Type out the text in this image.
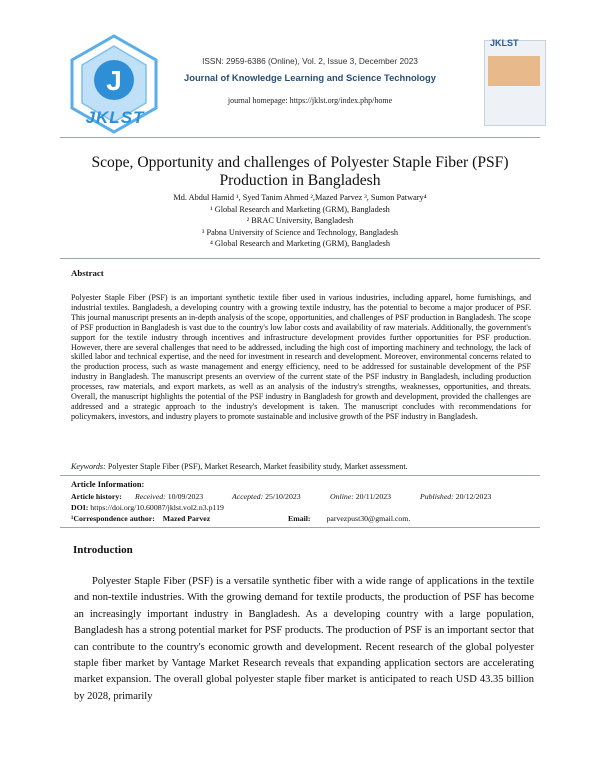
J
JKLST
ISSN: 2959-6386 (Online), Vol. 2, Issue 3, December 2023
Journal of Knowledge Learning and Science Technology
journal homepage: https://jklst.org/index.php/home
JKLST
Scope, Opportunity and challenges of Polyester Staple Fiber (PSF)
Production in Bangladesh
Md. Abdul Hamid ¹, Syed Tanim Ahmed ²,Mazed Parvez ³, Sumon Patwary⁴
¹ Global Research and Marketing (GRM), Bangladesh
² BRAC University, Bangladesh
³ Pabna University of Science and Technology, Bangladesh
⁴ Global Research and Marketing (GRM), Bangladesh
Abstract
Polyester Staple Fiber (PSF) is an important synthetic textile fiber used in various industries, including apparel, home furnishings, and industrial textiles. Bangladesh, a developing country with a growing textile industry, has the potential to become a major producer of PSF. This journal manuscript presents an in-depth analysis of the scope, opportunities, and challenges of PSF production in Bangladesh. The scope of PSF production in Bangladesh is vast due to the country's low labor costs and availability of raw materials. Additionally, the government's support for the textile industry through incentives and infrastructure development provides further opportunities for PSF production. However, there are several challenges that need to be addressed, including the high cost of importing machinery and technology, the lack of skilled labor and technical expertise, and the need for investment in research and development. Moreover, environmental concerns related to the production process, such as waste management and energy efficiency, need to be addressed for sustainable development of the PSF industry in Bangladesh. The manuscript presents an overview of the current state of the PSF industry in Bangladesh, including production processes, raw materials, and export markets, as well as an analysis of the industry's strengths, weaknesses, opportunities, and threats. Overall, the manuscript highlights the potential of the PSF industry in Bangladesh for growth and development, provided the challenges are addressed and a strategic approach to the industry's development is taken. The manuscript concludes with recommendations for policymakers, investors, and industry players to promote sustainable and inclusive growth of the PSF industry in Bangladesh.
Keywords: Polyester Staple Fiber (PSF), Market Research, Market feasibility study, Market assessment.
Article Information:
Article history: Received: 10/09/2023	Accepted: 25/10/2023	Online: 20/11/2023	Published: 20/12/2023
DOI: https://doi.org/10.60087/jklst.vol2.n3.p119
¹Correspondence author: Mazed Parvez	Email: parvezpust30@gmail.com.
Introduction
Polyester Staple Fiber (PSF) is a versatile synthetic fiber with a wide range of applications in the textile and non-textile industries. With the growing demand for textile products, the production of PSF has become an increasingly important industry in Bangladesh. As a developing country with a large population, Bangladesh has a strong potential market for PSF products. The production of PSF is an important sector that can contribute to the country's economic growth and development. Recent research of the global polyester staple fiber market by Vantage Market Research reveals that expanding application sectors are accelerating market expansion. The overall global polyester staple fiber market is anticipated to reach USD 43.35 billion by 2028, primarily
